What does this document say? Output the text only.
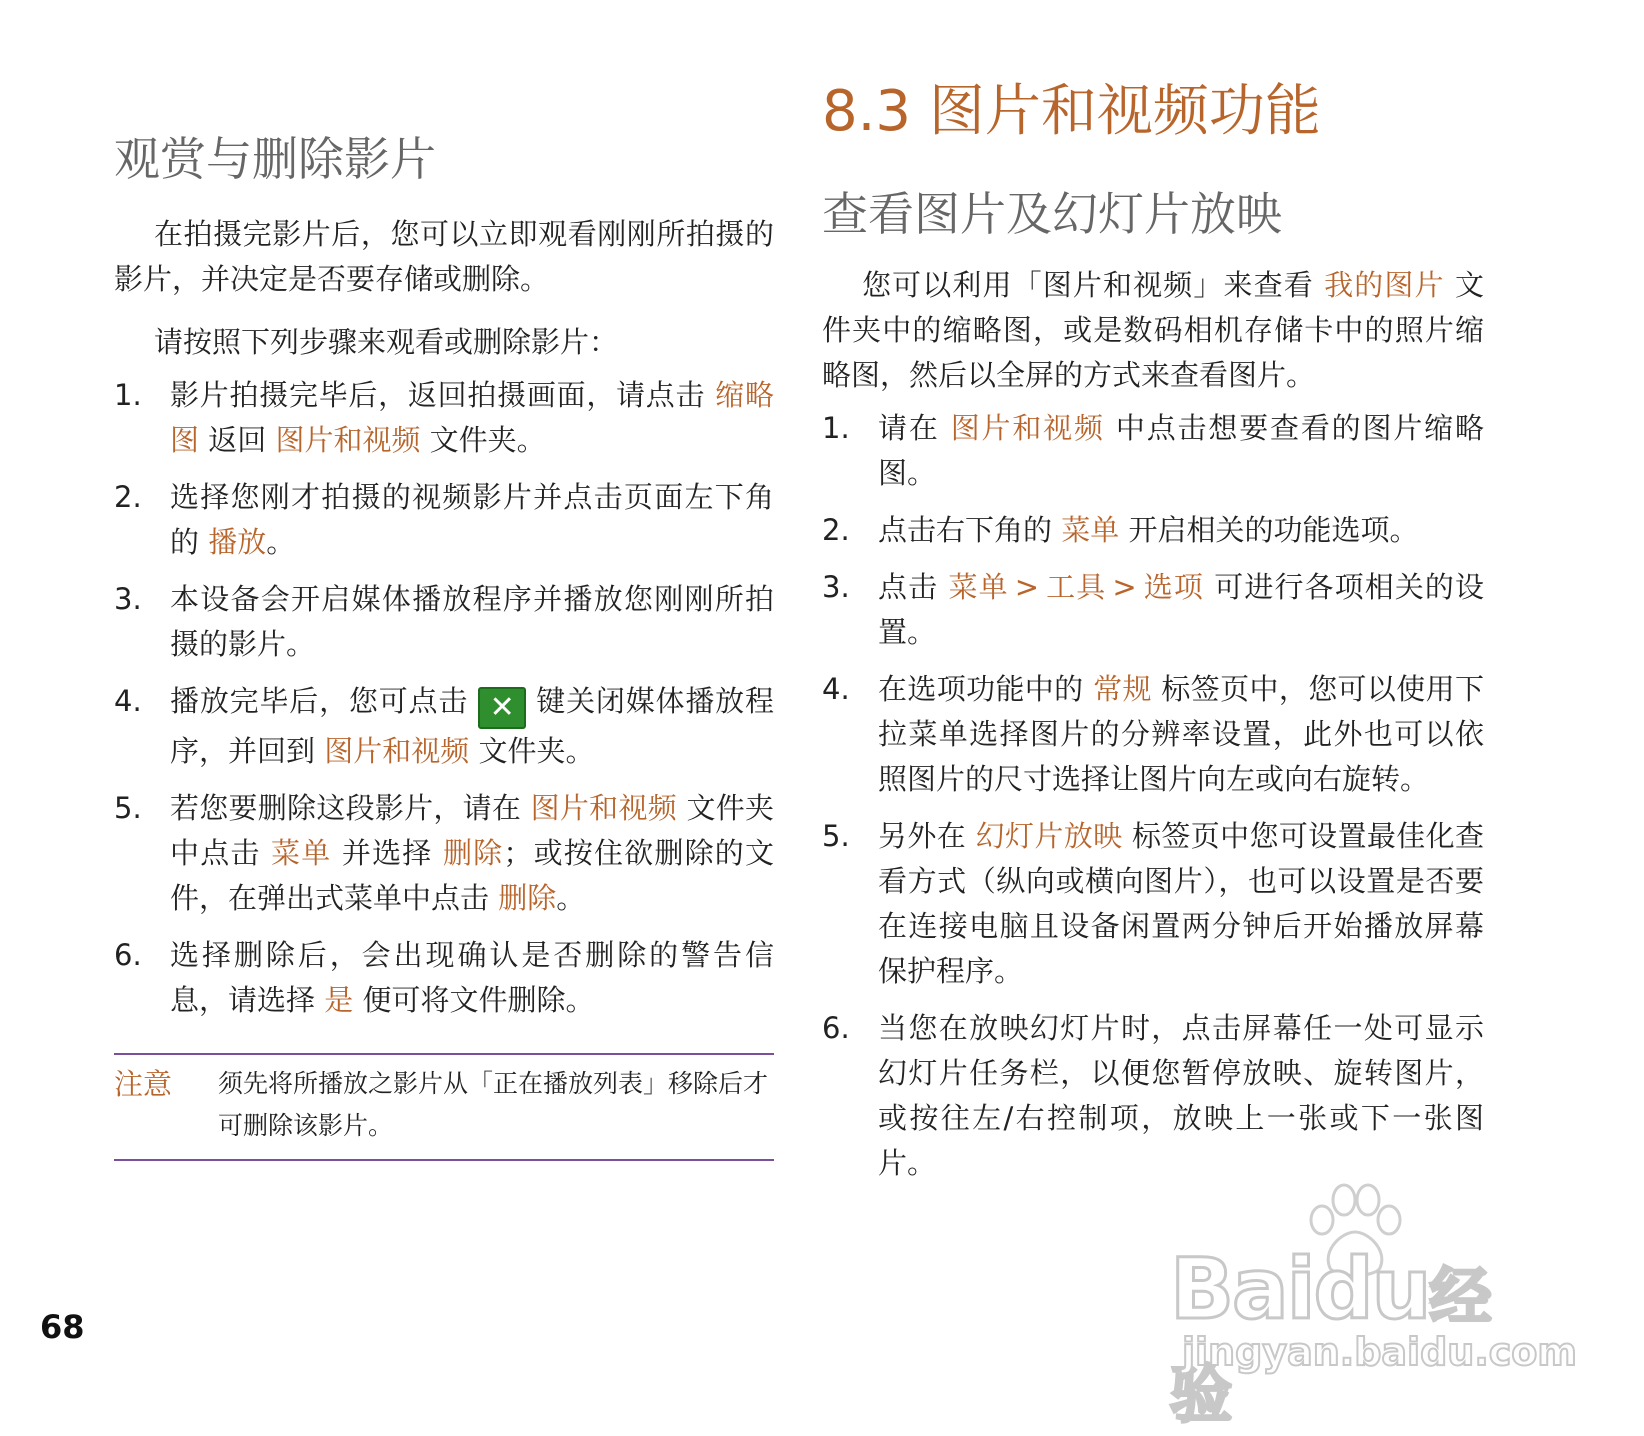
观赏与删除影片

在拍摄完影片后，您可以立即观看刚刚所拍摄的影片，并决定是否要存储或删除。

请按照下列步骤来观看或删除影片：

1. 影片拍摄完毕后，返回拍摄画面，请点击 缩略图 返回 图片和视频 文件夹。
2. 选择您刚才拍摄的视频影片并点击页面左下角的 播放。
3. 本设备会开启媒体播放程序并播放您刚刚所拍摄的影片。
4. 播放完毕后，您可点击 ✕ 键关闭媒体播放程序，并回到 图片和视频 文件夹。
5. 若您要删除这段影片，请在 图片和视频 文件夹中点击 菜单 并选择 删除；或按住欲删除的文件，在弹出式菜单中点击 删除。
6. 选择删除后，会出现确认是否删除的警告信息，请选择 是 便可将文件删除。
注意	须先将所播放之影片从「正在播放列表」移除后才可删除该影片。
8.3 图片和视频功能
查看图片及幻灯片放映

您可以利用「图片和视频」来查看 我的图片 文件夹中的缩略图，或是数码相机存储卡中的照片缩略图，然后以全屏的方式来查看图片。

1. 请在 图片和视频 中点击想要查看的图片缩略图。
2. 点击右下角的 菜单 开启相关的功能选项。
3. 点击 菜单 > 工具 > 选项 可进行各项相关的设置。
4. 在选项功能中的 常规 标签页中，您可以使用下拉菜单选择图片的分辨率设置，此外也可以依照图片的尺寸选择让图片向左或向右旋转。
5. 另外在 幻灯片放映 标签页中您可设置最佳化查看方式（纵向或横向图片），也可以设置是否要在连接电脑且设备闲置两分钟后开始播放屏幕保护程序。
6. 当您在放映幻灯片时，点击屏幕任一处可显示幻灯片任务栏，以便您暂停放映、旋转图片，或按往左/右控制项，放映上一张或下一张图片。
68	Baidu经验
jingyan.baidu.com
